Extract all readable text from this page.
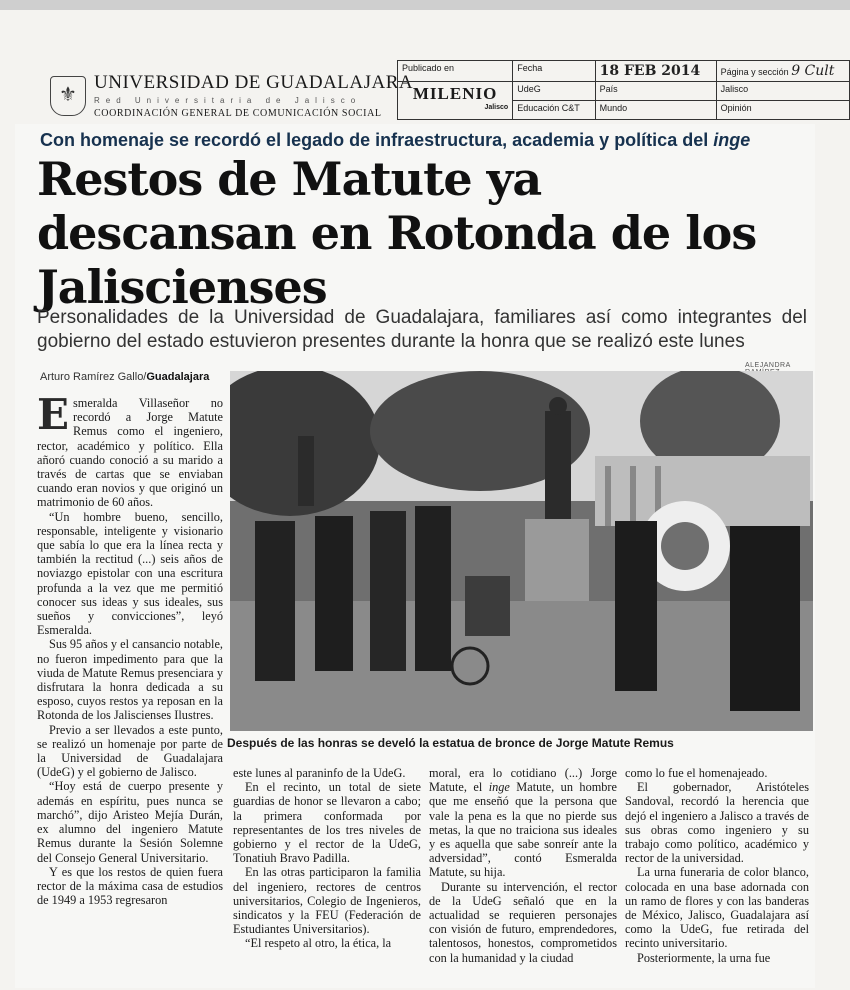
⚜
UNIVERSIDAD DE GUADALAJARA
Red Universitaria de Jalisco
COORDINACIÓN GENERAL DE COMUNICACIÓN SOCIAL
Publicado en	Fecha	18 FEB 2014	Página y sección 9 Cult

MILENIO
Jalisco	UdeG	País	Jalisco
	Educación C&T	Mundo	Opinión
Con homenaje se recordó el legado de infraestructura, academia y política del inge
Restos de Matute ya descansan en Rotonda de los Jaliscienses
Personalidades de la Universidad de Guadalajara, familiares así como integrantes del gobierno del estado estuvieron presentes durante la honra que se realizó este lunes
ALEJANDRA
Arturo Ramírez Gallo/Guadalajara
Después de las honras se develó la estatua de bronce de Jorge Matute Remus

Esmeralda Villaseñor no recordó a Jorge Matute Remus como el ingeniero, rector, académico y político. Ella añoró cuando conoció a su marido a través de cartas que se enviaban cuando eran novios y que originó un matrimonio de 60 años.

“Un hombre bueno, sencillo, responsable, inteligente y visionario que sabía lo que era la línea recta y también la rectitud (...) seis años de noviazgo epistolar con una escritura profunda a la vez que me permitió conocer sus ideas y sus ideales, sus sueños y convicciones”, leyó Esmeralda.

Sus 95 años y el cansancio notable, no fueron impedimento para que la viuda de Matute Remus presenciara y disfrutara la honra dedicada a su esposo, cuyos restos ya reposan en la Rotonda de los Jaliscienses Ilustres.

Previo a ser llevados a este punto, se realizó un homenaje por parte de la Universidad de Guadalajara (UdeG) y el gobierno de Jalisco.

“Hoy está de cuerpo presente y además en espíritu, pues nunca se marchó”, dijo Aristeo Mejía Durán, ex alumno del ingeniero Matute Remus durante la Sesión Solemne del Consejo General Universitario.

Y es que los restos de quien fuera rector de la máxima casa de estudios de 1949 a 1953 regresaron

este lunes al paraninfo de la UdeG.

En el recinto, un total de siete guardias de honor se llevaron a cabo; la primera conformada por representantes de los tres niveles de gobierno y el rector de la UdeG, Tonatiuh Bravo Padilla.

En las otras participaron la familia del ingeniero, rectores de centros universitarios, Colegio de Ingenieros, sindicatos y la FEU (Federación de Estudiantes Universitarios).

“El respeto al otro, la ética, la

moral, era lo cotidiano (...) Jorge Matute, el inge Matute, un hombre que me enseñó que la persona que vale la pena es la que no pierde sus metas, la que no traiciona sus ideales y es aquella que sabe sonreír ante la adversidad”, contó Esmeralda Matute, su hija.

Durante su intervención, el rector de la UdeG señaló que en la actualidad se requieren personajes con visión de futuro, emprendedores, talentosos, honestos, comprometidos con la humanidad y la ciudad

como lo fue el homenajeado.

El gobernador, Aristóteles Sandoval, recordó la herencia que dejó el ingeniero a Jalisco a través de sus obras como ingeniero y su trabajo como político, académico y rector de la universidad.

La urna funeraria de color blanco, colocada en una base adornada con un ramo de flores y con las banderas de México, Jalisco, Guadalajara así como la UdeG, fue retirada del recinto universitario.

Posteriormente, la urna fue
